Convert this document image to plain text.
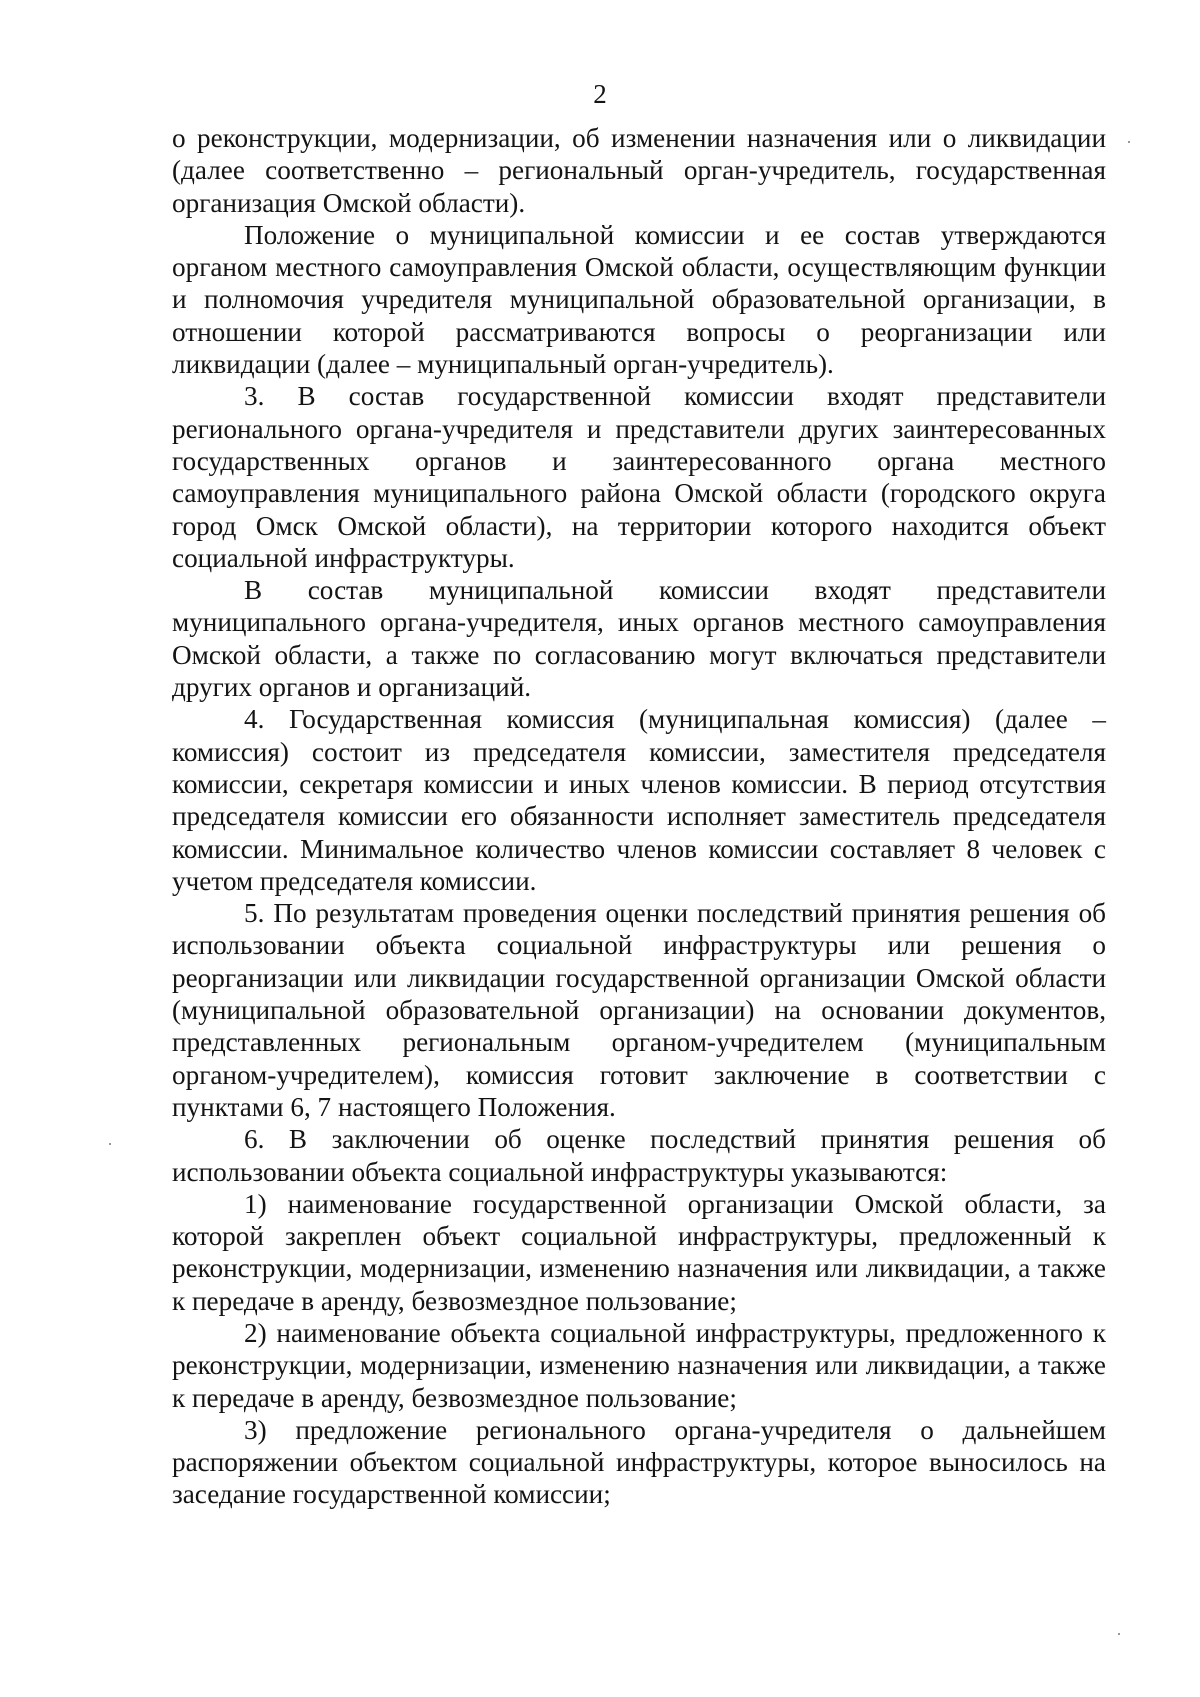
2

о реконструкции, модернизации, об изменении назначения или о ликвидации (далее соответственно – региональный орган-учредитель, государственная организация Омской области).

Положение о муниципальной комиссии и ее состав утверждаются органом местного самоуправления Омской области, осуществляющим функции и полномочия учредителя муниципальной образовательной организации, в отношении которой рассматриваются вопросы о реорганизации или ликвидации (далее – муниципальный орган-учредитель).

3. В состав государственной комиссии входят представители регионального органа-учредителя и представители других заинтересованных государственных органов и заинтересованного органа местного самоуправления муниципального района Омской области (городского округа город Омск Омской области), на территории которого находится объект социальной инфраструктуры.

В состав муниципальной комиссии входят представители муниципального органа-учредителя, иных органов местного самоуправления Омской области, а также по согласованию могут включаться представители других органов и организаций.

4. Государственная комиссия (муниципальная комиссия) (далее – комиссия) состоит из председателя комиссии, заместителя председателя комиссии, секретаря комиссии и иных членов комиссии. В период отсутствия председателя комиссии его обязанности исполняет заместитель председателя комиссии. Минимальное количество членов комиссии составляет 8 человек с учетом председателя комиссии.

5. По результатам проведения оценки последствий принятия решения об использовании объекта социальной инфраструктуры или решения о реорганизации или ликвидации государственной организации Омской области (муниципальной образовательной организации) на основании документов, представленных региональным органом-учредителем (муниципальным органом-учредителем), комиссия готовит заключение в соответствии с пунктами 6, 7 настоящего Положения.

6. В заключении об оценке последствий принятия решения об использовании объекта социальной инфраструктуры указываются:

1) наименование государственной организации Омской области, за которой закреплен объект социальной инфраструктуры, предложенный к реконструкции, модернизации, изменению назначения или ликвидации, а также к передаче в аренду, безвозмездное пользование;

2) наименование объекта социальной инфраструктуры, предложенного к реконструкции, модернизации, изменению назначения или ликвидации, а также к передаче в аренду, безвозмездное пользование;

3) предложение регионального органа-учредителя о дальнейшем распоряжении объектом социальной инфраструктуры, которое выносилось на заседание государственной комиссии;
